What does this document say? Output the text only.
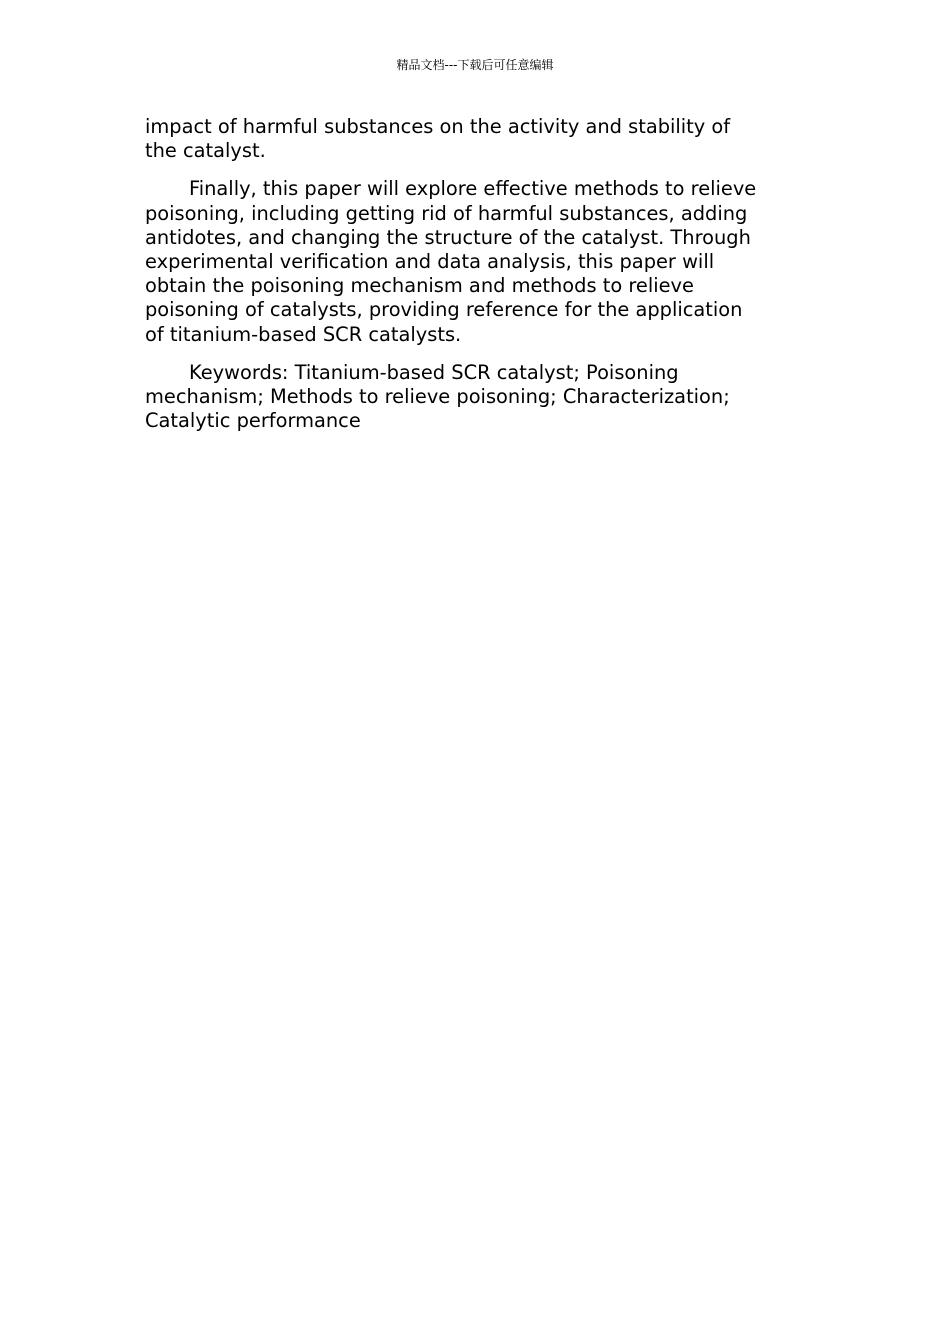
精品文档---下载后可任意编辑

impact of harmful substances on the activity and stability of
the catalyst.

Finally, this paper will explore effective methods to relieve
poisoning, including getting rid of harmful substances, adding
antidotes, and changing the structure of the catalyst. Through
experimental verification and data analysis, this paper will
obtain the poisoning mechanism and methods to relieve
poisoning of catalysts, providing reference for the application
of titanium-based SCR catalysts.

Keywords: Titanium-based SCR catalyst; Poisoning
mechanism; Methods to relieve poisoning; Characterization;
Catalytic performance
